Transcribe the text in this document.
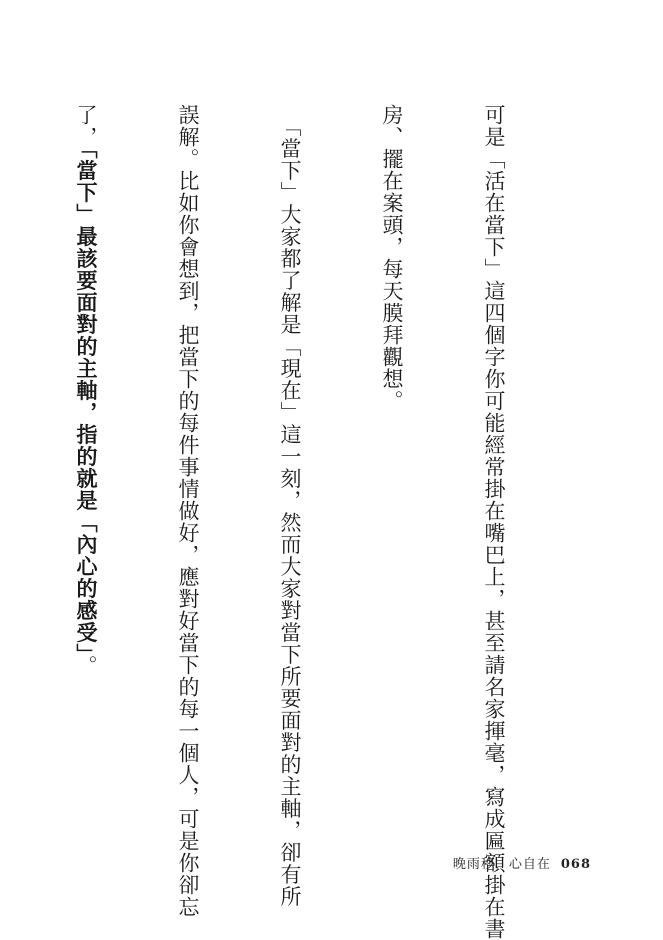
可是「活在當下」這四個字你可能經常掛在嘴巴上，甚至請名家揮毫，寫成匾額掛在書

房、擺在案頭，每天膜拜觀想。

　「當下」大家都了解是「現在」這一刻，然而大家對當下所要面對的主軸，卻有所

誤解。比如你會想到，把當下的每件事情做好，應對好當下的每一個人，可是你卻忘

了，「當下」最該要面對的主軸，指的就是「內心的感受」。

晚雨秒．心自在 068
